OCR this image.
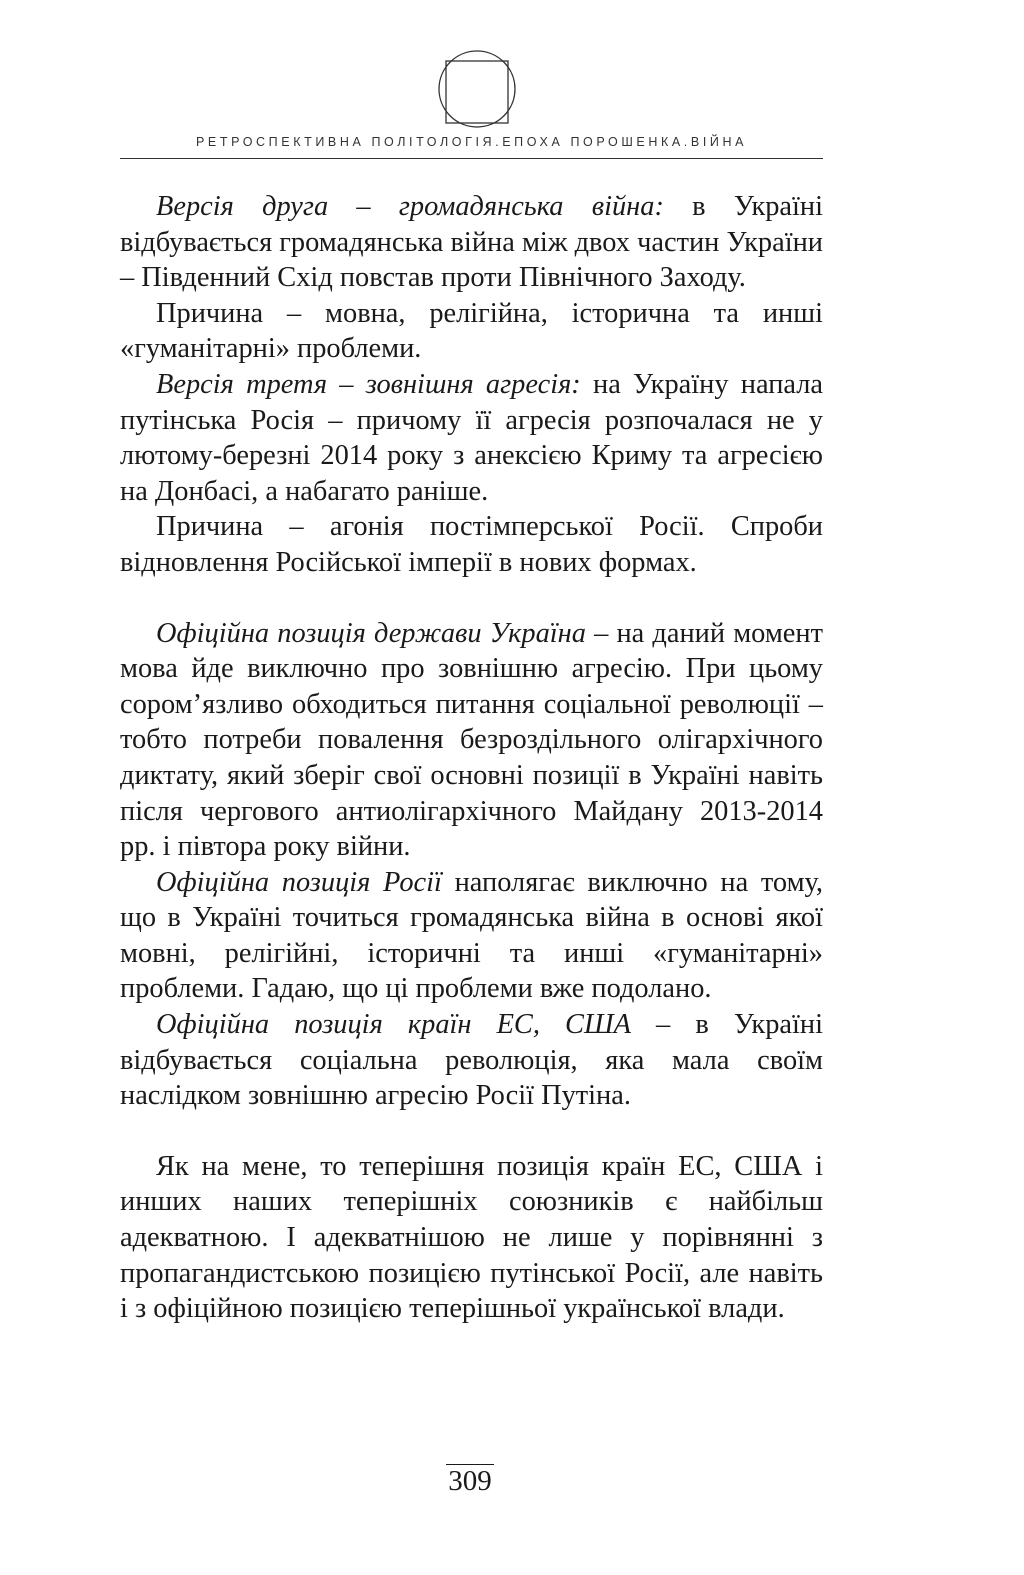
РЕТРОСПЕКТИВНА ПОЛІТОЛОГІЯ.ЕПОХА ПОРОШЕНКА.ВІЙНА

Версія друга – громадянська війна: в Україні відбувається громадянська війна між двох частин України – Південний Схід повстав проти Північного Заходу.

Причина – мовна, релігійна, історична та инші «гуманітарні» проблеми.

Версія третя – зовнішня агресія: на Україну напала путінська Росія – причому її агресія розпочалася не у лютому-березні 2014 року з анексією Криму та агресією на Донбасі, а набагато раніше.

Причина – агонія постімперської Росії. Спроби відновлення Російської імперії в нових формах.

Офіційна позиція держави Україна – на даний момент мова йде виключно про зовнішню агресію. При цьому сором’язливо обходиться питання соціальної революції – тобто потреби повалення безроздільного олігархічного диктату, який зберіг свої основні позиції в Україні навіть після чергового антиолігархічного Майдану 2013-2014 рр. і півтора року війни.

Офіційна позиція Росії наполягає виключно на тому, що в Україні точиться громадянська війна в основі якої мовні, релігійні, історичні та инші «гуманітарні» проблеми. Гадаю, що ці проблеми вже подолано.

Офіційна позиція країн ЕС, США – в Україні відбувається соціальна революція, яка мала своїм наслідком зовнішню агресію Росії Путіна.

Як на мене, то теперішня позиція країн ЕС, США і инших наших теперішніх союзників є найбільш адекватною. І адекватнішою не лише у порівнянні з пропагандистською позицією путінської Росії, але навіть і з офіційною позицією теперішньої української влади.

309
